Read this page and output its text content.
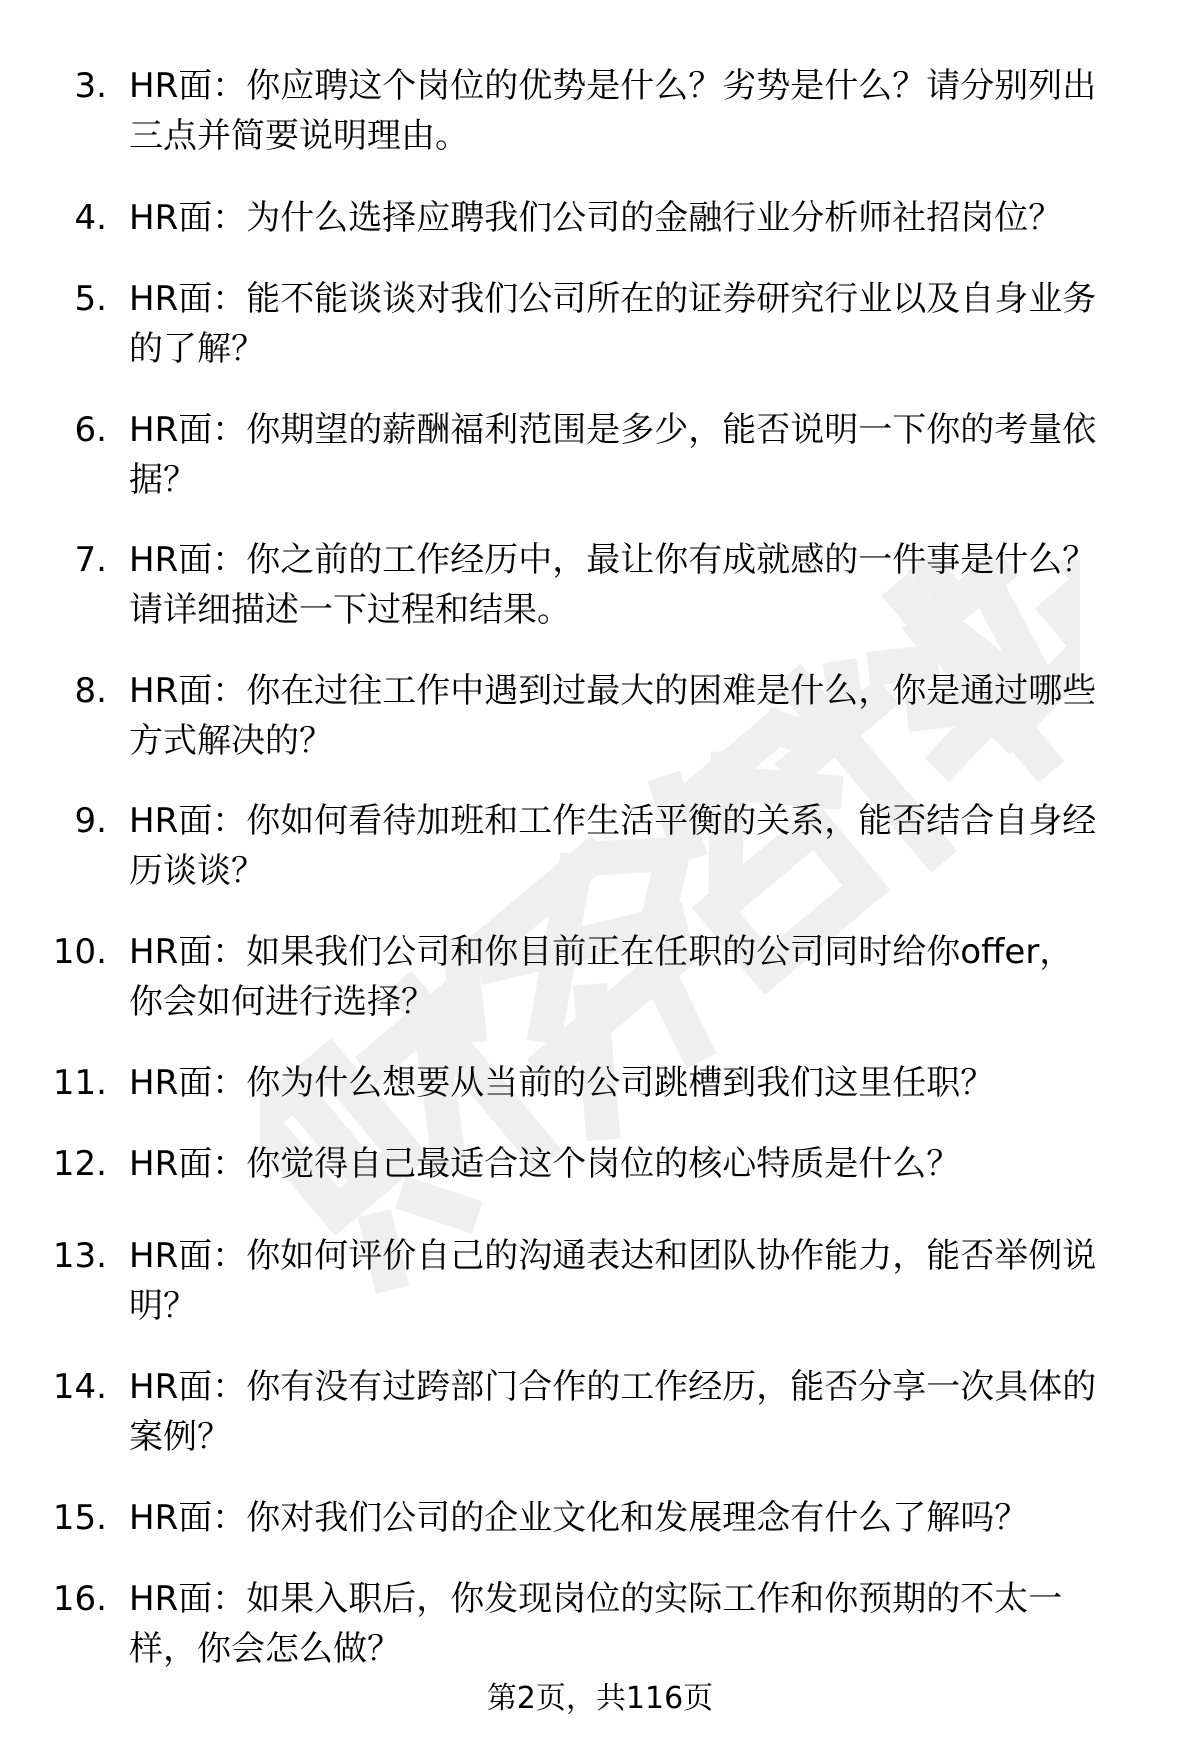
3. HR面：你应聘这个岗位的优势是什么？劣势是什么？请分别列出
三点并简要说明理由。
4. HR面：为什么选择应聘我们公司的金融行业分析师社招岗位？
5. HR面：能不能谈谈对我们公司所在的证券研究行业以及自身业务
的了解？
6. HR面：你期望的薪酬福利范围是多少，能否说明一下你的考量依
据？
7. HR面：你之前的工作经历中，最让你有成就感的一件事是什么？
请详细描述一下过程和结果。
8. HR面：你在过往工作中遇到过最大的困难是什么，你是通过哪些
方式解决的？
9. HR面：你如何看待加班和工作生活平衡的关系，能否结合自身经
历谈谈？
10. HR面：如果我们公司和你目前正在任职的公司同时给你offer，
你会如何进行选择？
11. HR面：你为什么想要从当前的公司跳槽到我们这里任职？
12. HR面：你觉得自己最适合这个岗位的核心特质是什么？
13. HR面：你如何评价自己的沟通表达和团队协作能力，能否举例说
明？
14. HR面：你有没有过跨部门合作的工作经历，能否分享一次具体的
案例？
15. HR面：你对我们公司的企业文化和发展理念有什么了解吗？
16. HR面：如果入职后，你发现岗位的实际工作和你预期的不太一
样，你会怎么做？
第2页，共116页
